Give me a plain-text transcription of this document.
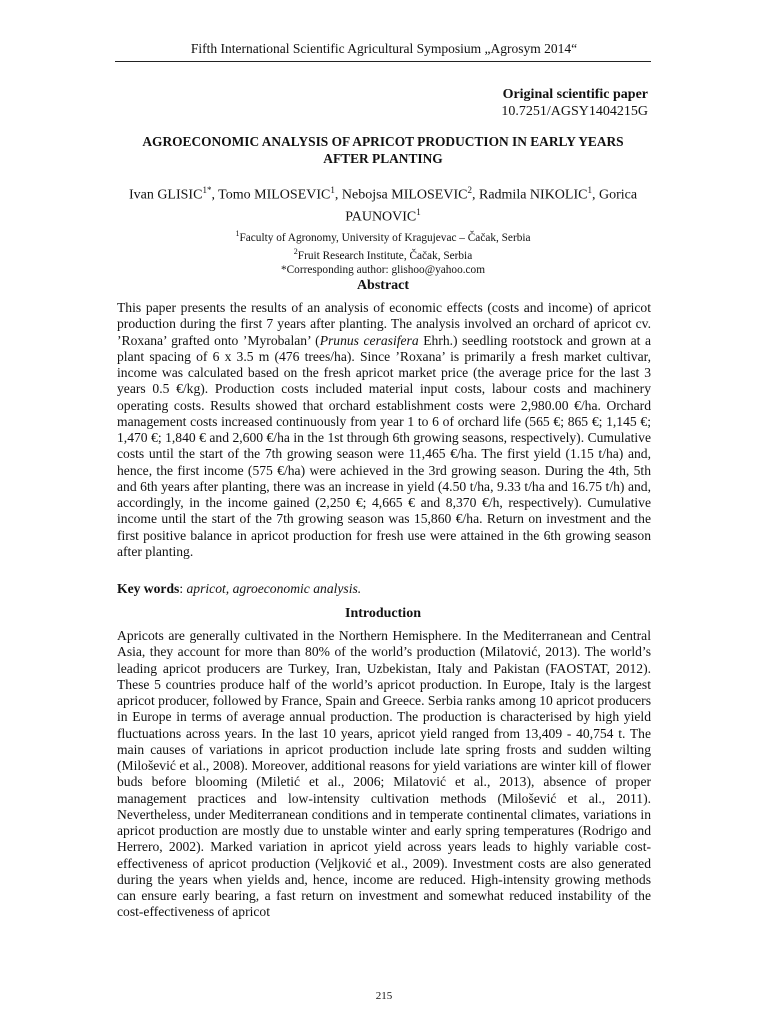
Fifth International Scientific Agricultural Symposium „Agrosym 2014“
Original scientific paper
10.7251/AGSY1404215G
AGROECONOMIC ANALYSIS OF APRICOT PRODUCTION IN EARLY YEARS
AFTER PLANTING
Ivan $GLISIC^{1*}$, Tomo MILOSEVIC$^1$, Nebojsa MILOSEVIC$^2$, Radmila NIKOLIC$^1$, Gorica
PAUNOVIC$^1$
$^1$Faculty of Agronomy, University of Kragujevac – Čačak, Serbia
$^2$Fruit Research Institute, Čačak, Serbia
*Corresponding author: glishoo@yahoo.com
Abstract

This paper presents the results of an analysis of economic effects (costs and income) of apricot production during the first 7 years after planting. The analysis involved an orchard of apricot cv. ’Roxana’ grafted onto ’Myrobalan’ (Prunus cerasifera Ehrh.) seedling rootstock and grown at a plant spacing of 6 x 3.5 m (476 trees/ha). Since ’Roxana’ is primarily a fresh market cultivar, income was calculated based on the fresh apricot market price (the average price for the last 3 years 0.5 €/kg). Production costs included material input costs, labour costs and machinery operating costs. Results showed that orchard establishment costs were 2,980.00 €/ha. Orchard management costs increased continuously from year 1 to 6 of orchard life (565 €; 865 €; 1,145 €; 1,470 €; 1,840 € and 2,600 €/ha in the 1st through 6th growing seasons, respectively). Cumulative costs until the start of the 7th growing season were 11,465 €/ha. The first yield (1.15 t/ha) and, hence, the first income (575 €/ha) were achieved in the 3rd growing season. During the 4th, 5th and 6th years after planting, there was an increase in yield (4.50 t/ha, 9.33 t/ha and 16.75 t/h) and, accordingly, in the income gained (2,250 €; 4,665 € and 8,370 €/h, respectively). Cumulative income until the start of the 7th growing season was 15,860 €/ha. Return on investment and the first positive balance in apricot production for fresh use were attained in the 6th growing season after planting.

Key words: apricot, agroeconomic analysis.
Introduction

Apricots are generally cultivated in the Northern Hemisphere. In the Mediterranean and Central Asia, they account for more than 80% of the world’s production (Milatović, 2013). The world’s leading apricot producers are Turkey, Iran, Uzbekistan, Italy and Pakistan (FAOSTAT, 2012). These 5 countries produce half of the world’s apricot production. In Europe, Italy is the largest apricot producer, followed by France, Spain and Greece. Serbia ranks among 10 apricot producers in Europe in terms of average annual production. The production is characterised by high yield fluctuations across years. In the last 10 years, apricot yield ranged from 13,409 - 40,754 t. The main causes of variations in apricot production include late spring frosts and sudden wilting (Milošević et al., 2008). Moreover, additional reasons for yield variations are winter kill of flower buds before blooming (Miletić et al., 2006; Milatović et al., 2013), absence of proper management practices and low-intensity cultivation methods (Milošević et al., 2011). Nevertheless, under Mediterranean conditions and in temperate continental climates, variations in apricot production are mostly due to unstable winter and early spring temperatures (Rodrigo and Herrero, 2002). Marked variation in apricot yield across years leads to highly variable cost-effectiveness of apricot production (Veljković et al., 2009). Investment costs are also generated during the years when yields and, hence, income are reduced. High-intensity growing methods can ensure early bearing, a fast return on investment and somewhat reduced instability of the cost-effectiveness of apricot

215
